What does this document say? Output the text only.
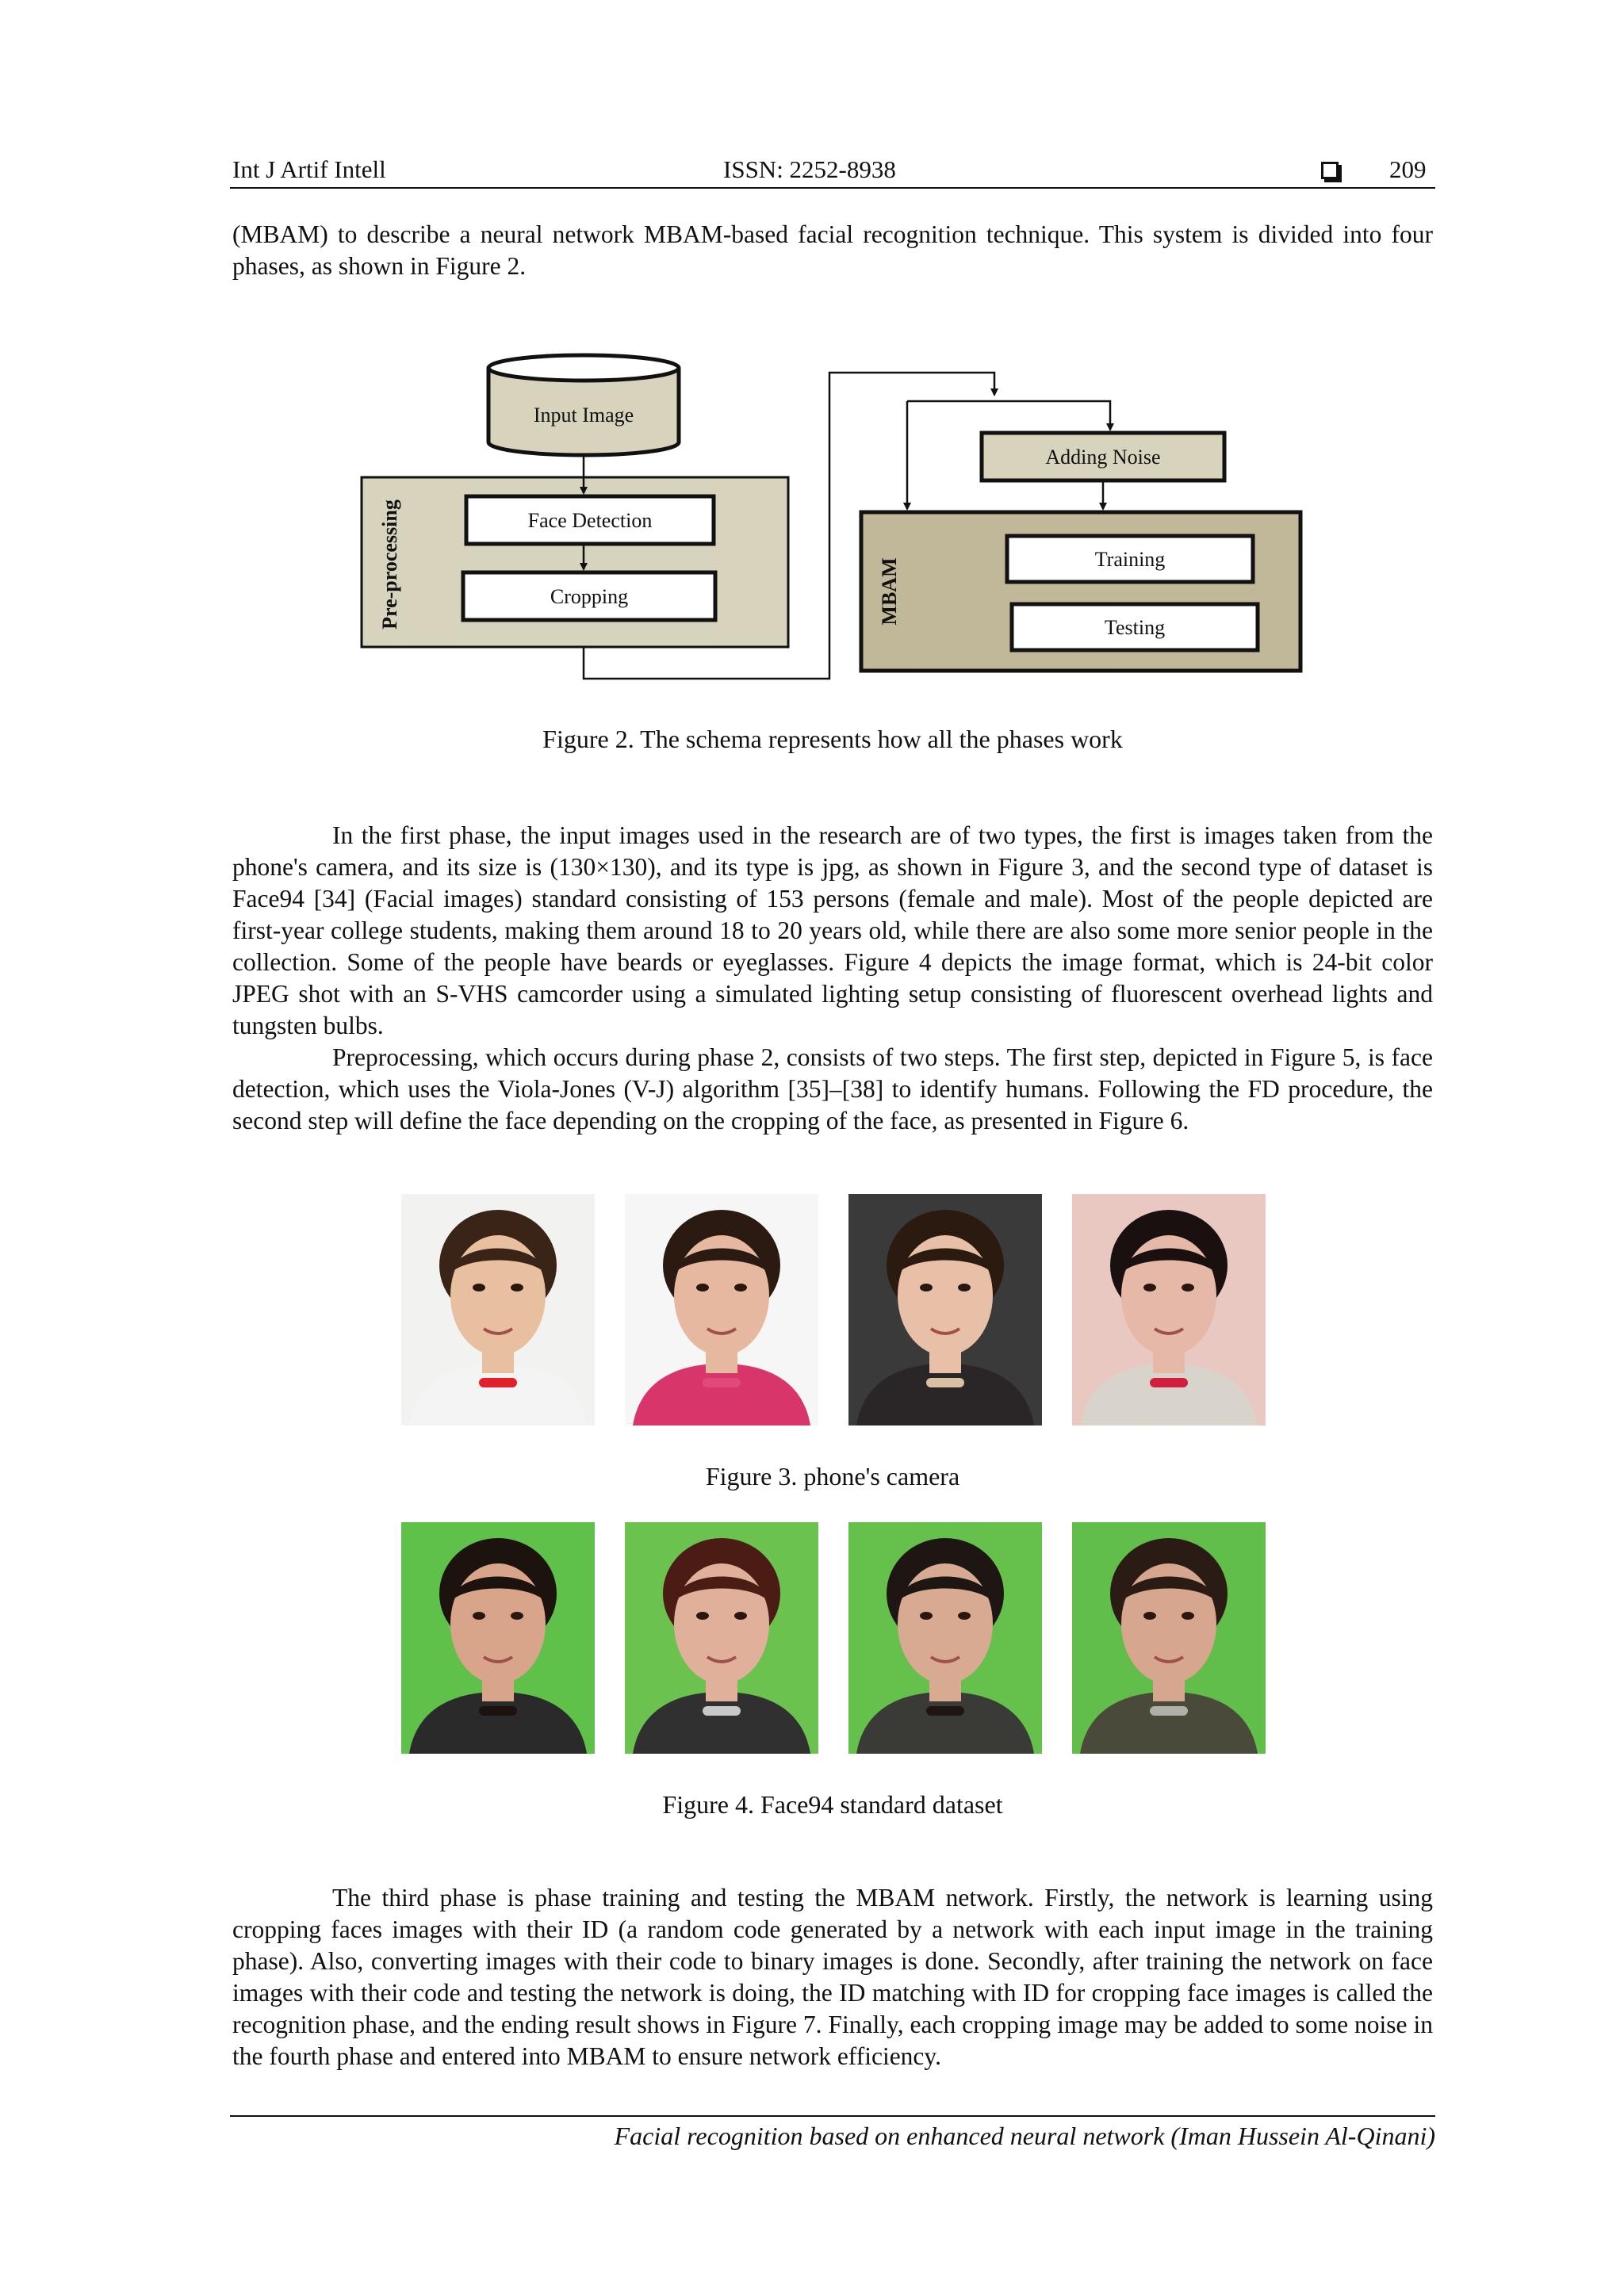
Int J Artif Intell	ISSN: 2252-8938	209
(MBAM) to describe a neural network MBAM-based facial recognition technique. This system is divided into four phases, as shown in Figure 2.
Pre-processing
Input Image
Face Detection
Cropping
Adding Noise
MBAM	Training
Testing
Figure 2. The schema represents how all the phases work
In the first phase, the input images used in the research are of two types, the first is images taken from the phone's camera, and its size is (130×130), and its type is jpg, as shown in Figure 3, and the second type of dataset is Face94 [34] (Facial images) standard consisting of 153 persons (female and male). Most of the people depicted are first-year college students, making them around 18 to 20 years old, while there are also some more senior people in the collection. Some of the people have beards or eyeglasses. Figure 4 depicts the image format, which is 24-bit color JPEG shot with an S-VHS camcorder using a simulated lighting setup consisting of fluorescent overhead lights and tungsten bulbs.
Preprocessing, which occurs during phase 2, consists of two steps. The first step, depicted in Figure 5, is face detection, which uses the Viola-Jones (V-J) algorithm [35]–[38] to identify humans. Following the FD procedure, the second step will define the face depending on the cropping of the face, as presented in Figure 6.
Figure 3. phone's camera
Figure 4. Face94 standard dataset
The third phase is phase training and testing the MBAM network. Firstly, the network is learning using cropping faces images with their ID (a random code generated by a network with each input image in the training phase). Also, converting images with their code to binary images is done. Secondly, after training the network on face images with their code and testing the network is doing, the ID matching with ID for cropping face images is called the recognition phase, and the ending result shows in Figure 7. Finally, each cropping image may be added to some noise in the fourth phase and entered into MBAM to ensure network efficiency.
Facial recognition based on enhanced neural network (Iman Hussein Al-Qinani)
